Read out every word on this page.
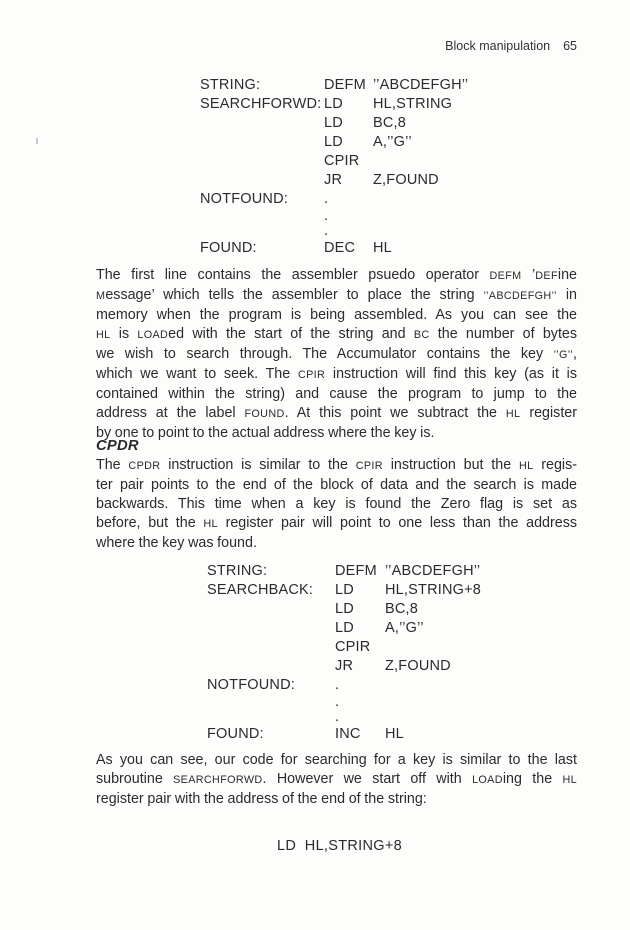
Block manipulation 65
STRING:	DEFM ’’ABCDEFGH’’
SEARCHFORWD: LD HL,STRING
LD BC,8
LD A,’’G’’
CPIR
JR Z,FOUND
NOTFOUND: .
.
.
FOUND:	DEC HL
The first line contains the assembler psuedo operator DEFM ’DEFine
Message’ which tells the assembler to place the string ’’ABCDEFGH’’ in
memory when the program is being assembled. As you can see the
HL is LOADed with the start of the string and BC the number of bytes
we wish to search through. The Accumulator contains the key ’’G’’,
which we want to seek. The CPIR instruction will find this key (as it is
contained within the string) and cause the program to jump to the
address at the label FOUND. At this point we subtract the HL register
by one to point to the actual address where the key is.
CPDR
The CPDR instruction is similar to the CPIR instruction but the HL regis-
ter pair points to the end of the block of data and the search is made
backwards. This time when a key is found the Zero flag is set as
before, but the HL register pair will point to one less than the address
where the key was found.
STRING:	DEFM ’’ABCDEFGH’’
SEARCHBACK: LD HL,STRING+8
LD BC,8
LD A,’’G’’
CPIR
JR Z,FOUND
NOTFOUND:	.
.
.
FOUND:	INC HL
As you can see, our code for searching for a key is similar to the last
subroutine SEARCHFORWD. However we start off with LOADing the HL
register pair with the address of the end of the string:
LD  HL,STRING+8
